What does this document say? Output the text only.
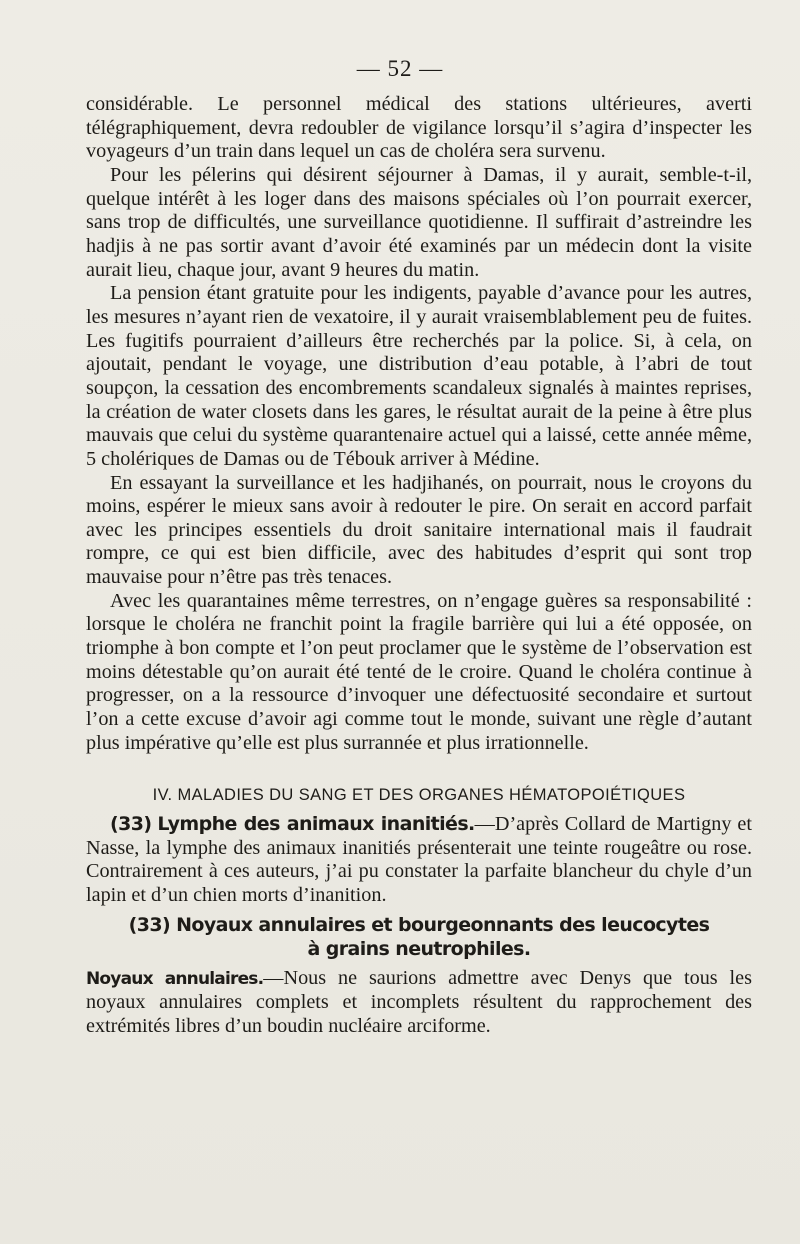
— 52 —

considérable. Le personnel médical des stations ultérieures, averti télégraphiquement, devra redoubler de vigilance lorsqu’il s’agira d’inspecter les voyageurs d’un train dans lequel un cas de choléra sera survenu.

Pour les pélerins qui désirent séjourner à Damas, il y aurait, semble-t-il, quelque intérêt à les loger dans des maisons spéciales où l’on pourrait exercer, sans trop de difficultés, une surveillance quotidienne. Il suffirait d’astreindre les hadjis à ne pas sortir avant d’avoir été examinés par un médecin dont la visite aurait lieu, chaque jour, avant 9 heures du matin.

La pension étant gratuite pour les indigents, payable d’avance pour les autres, les mesures n’ayant rien de vexatoire, il y aurait vraisemblablement peu de fuites. Les fugitifs pourraient d’ailleurs être recherchés par la police. Si, à cela, on ajoutait, pendant le voyage, une distribution d’eau potable, à l’abri de tout soupçon, la cessation des encombrements scandaleux signalés à maintes reprises, la création de water closets dans les gares, le résultat aurait de la peine à être plus mauvais que celui du système quarantenaire actuel qui a laissé, cette année même, 5 cholériques de Damas ou de Tébouk arriver à Médine.

En essayant la surveillance et les hadjihanés, on pourrait, nous le croyons du moins, espérer le mieux sans avoir à redouter le pire. On serait en accord parfait avec les principes essentiels du droit sanitaire international mais il faudrait rompre, ce qui est bien difficile, avec des habitudes d’esprit qui sont trop mauvaise pour n’être pas très tenaces.

Avec les quarantaines même terrestres, on n’engage guères sa responsabilité : lorsque le choléra ne franchit point la fragile barrière qui lui a été opposée, on triomphe à bon compte et l’on peut proclamer que le système de l’observation est moins détestable qu’on aurait été tenté de le croire. Quand le choléra continue à progresser, on a la ressource d’invoquer une défectuosité secondaire et surtout l’on a cette excuse d’avoir agi comme tout le monde, suivant une règle d’autant plus impérative qu’elle est plus surrannée et plus irrationnelle.

IV. MALADIES DU SANG ET DES ORGANES HÉMATOPOIÉTIQUES

(33) Lymphe des animaux inanitiés.—D’après Collard de Martigny et Nasse, la lymphe des animaux inanitiés présenterait une teinte rougeâtre ou rose. Contrairement à ces auteurs, j’ai pu constater la parfaite blancheur du chyle d’un lapin et d’un chien morts d’inanition.

(33) Noyaux annulaires et bourgeonnants des leucocytes
à grains neutrophiles.

Noyaux annulaires.—Nous ne saurions admettre avec Denys que tous les noyaux annulaires complets et incomplets résultent du rapprochement des extrémités libres d’un boudin nucléaire arciforme.
